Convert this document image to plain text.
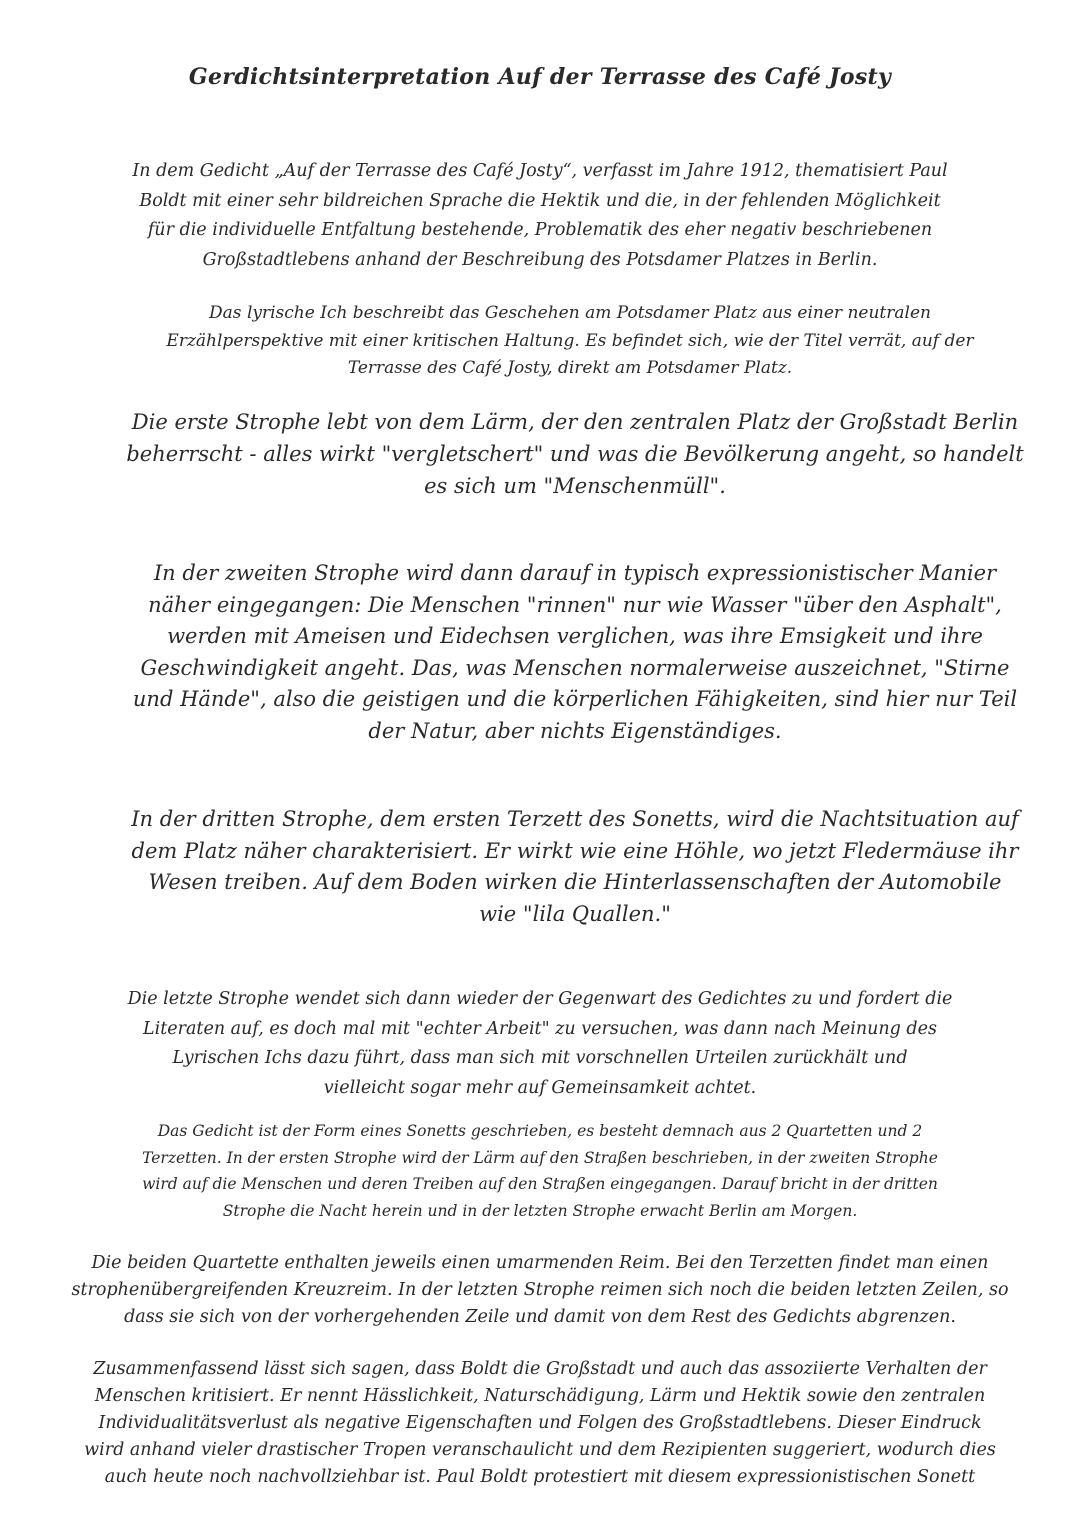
Gerdichtsinterpretation Auf der Terrasse des Café Josty

In dem Gedicht „Auf der Terrasse des Café Josty“, verfasst im Jahre 1912, thematisiert Paul
Boldt mit einer sehr bildreichen Sprache die Hektik und die, in der fehlenden Möglichkeit
für die individuelle Entfaltung bestehende, Problematik des eher negativ beschriebenen
Großstadtlebens anhand der Beschreibung des Potsdamer Platzes in Berlin.

Das lyrische Ich beschreibt das Geschehen am Potsdamer Platz aus einer neutralen
Erzählperspektive mit einer kritischen Haltung. Es befindet sich, wie der Titel verrät, auf der
Terrasse des Café Josty, direkt am Potsdamer Platz.

Die erste Strophe lebt von dem Lärm, der den zentralen Platz der Großstadt Berlin
beherrscht - alles wirkt "vergletschert" und was die Bevölkerung angeht, so handelt
es sich um "Menschenmüll".

In der zweiten Strophe wird dann darauf in typisch expressionistischer Manier
näher eingegangen: Die Menschen "rinnen" nur wie Wasser "über den Asphalt",
werden mit Ameisen und Eidechsen verglichen, was ihre Emsigkeit und ihre
Geschwindigkeit angeht. Das, was Menschen normalerweise auszeichnet, "Stirne
und Hände", also die geistigen und die körperlichen Fähigkeiten, sind hier nur Teil
der Natur, aber nichts Eigenständiges.

In der dritten Strophe, dem ersten Terzett des Sonetts, wird die Nachtsituation auf
dem Platz näher charakterisiert. Er wirkt wie eine Höhle, wo jetzt Fledermäuse ihr
Wesen treiben. Auf dem Boden wirken die Hinterlassenschaften der Automobile
wie "lila Quallen."

Die letzte Strophe wendet sich dann wieder der Gegenwart des Gedichtes zu und fordert die
Literaten auf, es doch mal mit "echter Arbeit" zu versuchen, was dann nach Meinung des
Lyrischen Ichs dazu führt, dass man sich mit vorschnellen Urteilen zurückhält und
vielleicht sogar mehr auf Gemeinsamkeit achtet.

Das Gedicht ist der Form eines Sonetts geschrieben, es besteht demnach aus 2 Quartetten und 2
Terzetten. In der ersten Strophe wird der Lärm auf den Straßen beschrieben, in der zweiten Strophe
wird auf die Menschen und deren Treiben auf den Straßen eingegangen. Darauf bricht in der dritten
Strophe die Nacht herein und in der letzten Strophe erwacht Berlin am Morgen.

Die beiden Quartette enthalten jeweils einen umarmenden Reim. Bei den Terzetten findet man einen
strophenübergreifenden Kreuzreim. In der letzten Strophe reimen sich noch die beiden letzten Zeilen, so
dass sie sich von der vorhergehenden Zeile und damit von dem Rest des Gedichts abgrenzen.

Zusammenfassend lässt sich sagen, dass Boldt die Großstadt und auch das assoziierte Verhalten der
Menschen kritisiert. Er nennt Hässlichkeit, Naturschädigung, Lärm und Hektik sowie den zentralen
Individualitätsverlust als negative Eigenschaften und Folgen des Großstadtlebens. Dieser Eindruck
wird anhand vieler drastischer Tropen veranschaulicht und dem Rezipienten suggeriert, wodurch dies
auch heute noch nachvollziehbar ist. Paul Boldt protestiert mit diesem expressionistischen Sonett
